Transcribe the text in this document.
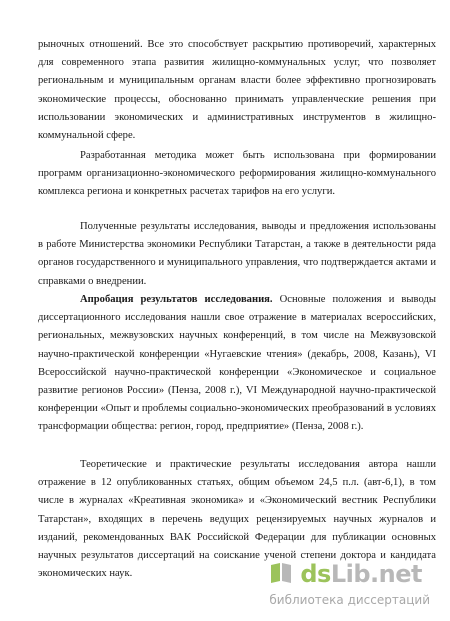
рыночных отношений. Все это способствует раскрытию противоречий, характерных для современного этапа развития жилищно-коммунальных услуг, что позволяет региональным и муниципальным органам власти более эффективно прогнозировать экономические процессы, обоснованно принимать управленческие решения при использовании экономических и административных инструментов в жилищно-коммунальной сфере.

Разработанная методика может быть использована при формировании программ организационно-экономического реформирования жилищно-коммунального комплекса региона и конкретных расчетах тарифов на его услуги.

Полученные результаты исследования, выводы и предложения использованы в работе Министерства экономики Республики Татарстан, а также в деятельности ряда органов государственного и муниципального управления, что подтверждается актами и справками о внедрении.

Апробация результатов исследования. Основные положения и выводы диссертационного исследования нашли свое отражение в материалах всероссийских, региональных, межвузовских научных конференций, в том числе на Межвузовской научно-практической конференции «Нугаевские чтения» (декабрь, 2008, Казань), VI Всероссийской научно-практической конференции «Экономическое и социальное развитие регионов России» (Пенза, 2008 г.), VI Международной научно-практической конференции «Опыт и проблемы социально-экономических преобразований в условиях трансформации общества: регион, город, предприятие» (Пенза, 2008 г.).

Теоретические и практические результаты исследования автора нашли отражение в 12 опубликованных статьях, общим объемом 24,5 п.л. (авт-6,1), в том числе в журналах «Креативная экономика» и «Экономический вестник Республики Татарстан», входящих в перечень ведущих рецензируемых научных журналов и изданий, рекомендованных ВАК Российской Федерации для публикации основных научных результатов диссертаций на соискание ученой степени доктора и кандидата экономических наук.	ds Lib.net
библиотека диссертаций
